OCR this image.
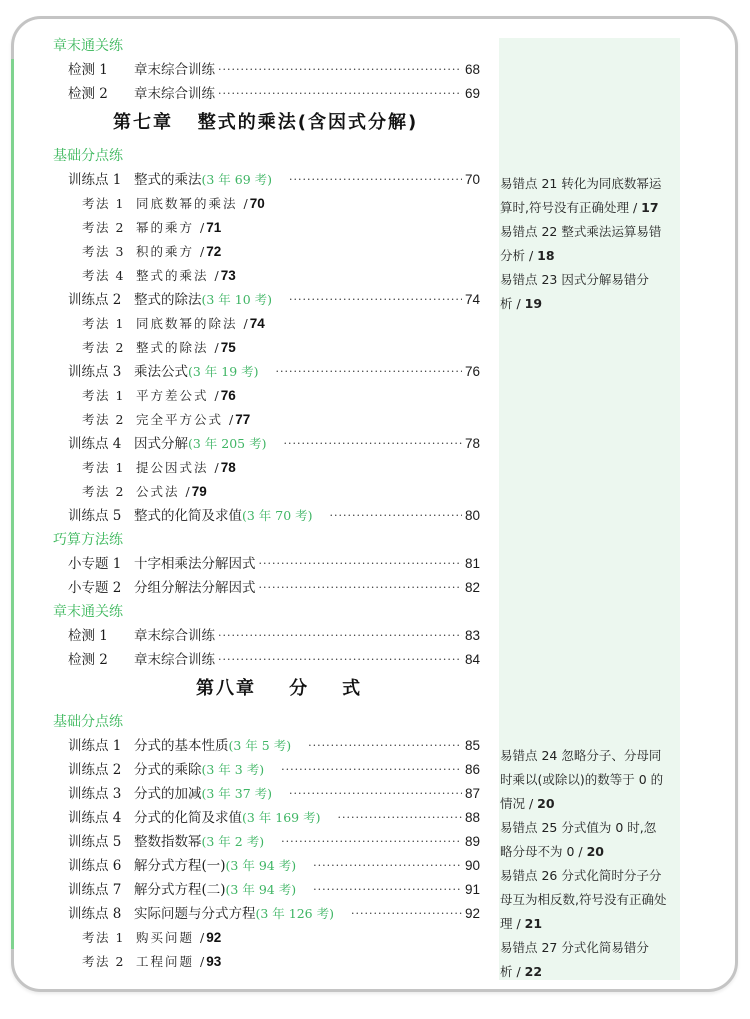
章末通关练
检测 1	章末综合训练 ·····	68
检测 2	章末综合训练 ·····	69
第七章   整式的乘法(含因式分解)
基础分点练
训练点 1 整式的乘法 (3 年 69 考) ·····	70
考法 1 同底数幂的乘法 / 70
考法 2 幂的乘方 / 71
考法 3 积的乘方 / 72
考法 4 整式的乘法 / 73
训练点 2 整式的除法 (3 年 10 考) ·····	74
考法 1 同底数幂的除法 / 74
考法 2 整式的除法 / 75
训练点 3 乘法公式 (3 年 19 考) ·····	76
考法 1 平方差公式 / 76
考法 2 完全平方公式 / 77
训练点 4 因式分解 (3 年 205 考) ·····	78
考法 1 提公因式法 / 78
考法 2 公式法 / 79
训练点 5 整式的化简及求值 (3 年 70 考) ·····	80
巧算方法练
小专题 1 十字相乘法分解因式 ·····	81
小专题 2 分组分解法分解因式 ·····	82
章末通关练
检测 1	章末综合训练 ·····	83
检测 2	章末综合训练 ·····	84
第八章    分    式
基础分点练
训练点 1 分式的基本性质 (3 年 5 考) ·····	85
训练点 2 分式的乘除 (3 年 3 考) ·····	86
训练点 3 分式的加减 (3 年 37 考) ·····	87
训练点 4 分式的化简及求值 (3 年 169 考) ·····	88
训练点 5 整数指数幂 (3 年 2 考) ·····	89
训练点 6 解分式方程(一) (3 年 94 考) ·····	90
训练点 7 解分式方程(二) (3 年 94 考) ·····	91
训练点 8 实际问题与分式方程 (3 年 126 考) ·····	92
考法 1 购买问题 / 92
考法 2 工程问题 / 93
易错点 21 转化为同底数幂运
算时,符号没有正确处理 / 17
易错点 22 整式乘法运算易错
分析 / 18
易错点 23 因式分解易错分
析 / 19
易错点 24 忽略分子、分母同
时乘以(或除以)的数等于 0 的
情况 / 20
易错点 25 分式值为 0 时,忽
略分母不为 0 / 20
易错点 26 分式化简时分子分
母互为相反数,符号没有正确处
理 / 21
易错点 27 分式化简易错分
析 / 22
